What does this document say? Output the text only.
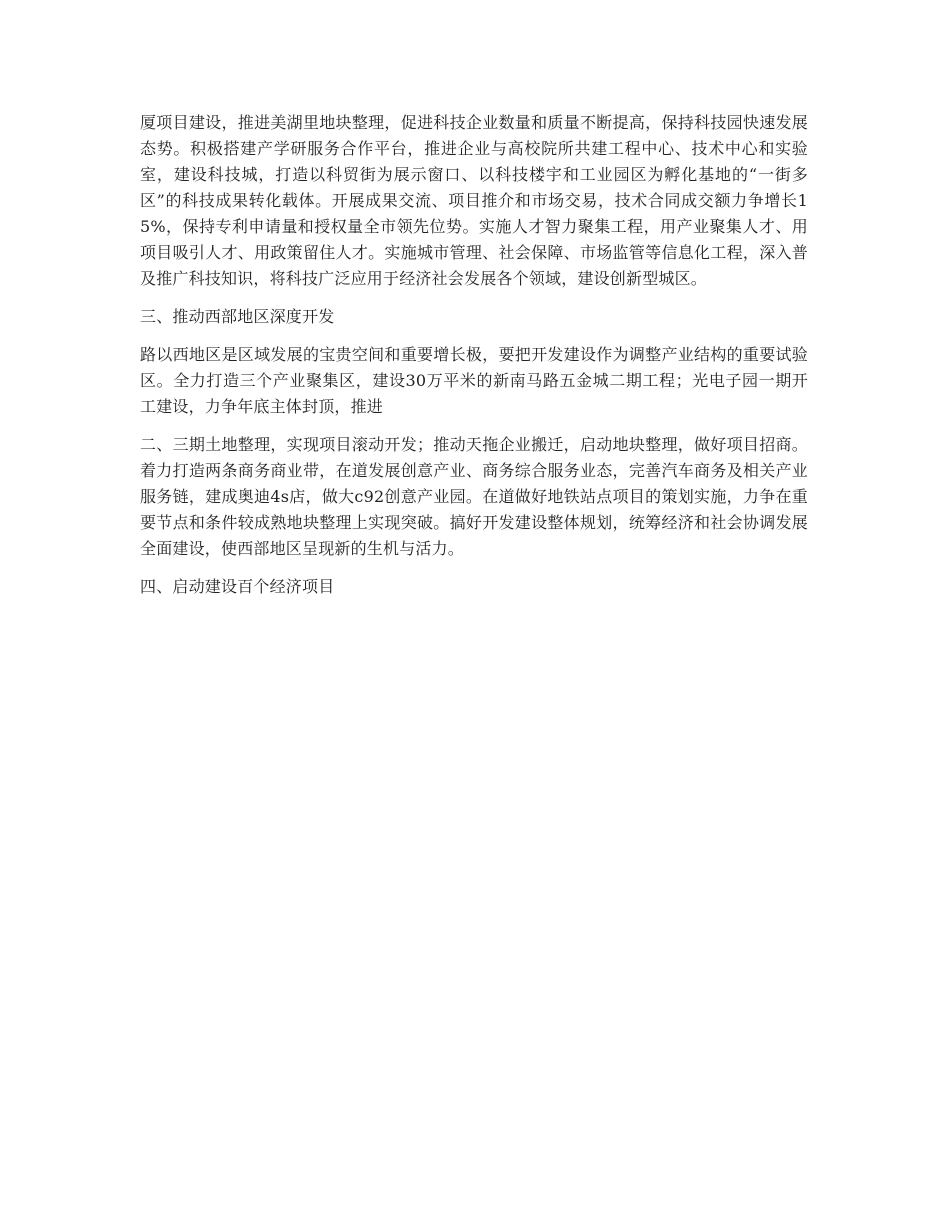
厦项目建设，推进美湖里地块整理，促进科技企业数量和质量不断提高，保持科技园快速发展态势。积极搭建产学研服务合作平台，推进企业与高校院所共建工程中心、技术中心和实验室，建设科技城，打造以科贸街为展示窗口、以科技楼宇和工业园区为孵化基地的“一街多区”的科技成果转化载体。开展成果交流、项目推介和市场交易，技术合同成交额力争增长15%，保持专利申请量和授权量全市领先位势。实施人才智力聚集工程，用产业聚集人才、用项目吸引人才、用政策留住人才。实施城市管理、社会保障、市场监管等信息化工程，深入普及推广科技知识，将科技广泛应用于经济社会发展各个领域，建设创新型城区。

三、推动西部地区深度开发

路以西地区是区域发展的宝贵空间和重要增长极，要把开发建设作为调整产业结构的重要试验区。全力打造三个产业聚集区，建设30万平米的新南马路五金城二期工程；光电子园一期开工建设，力争年底主体封顶，推进

二、三期土地整理，实现项目滚动开发；推动天拖企业搬迁，启动地块整理，做好项目招商。着力打造两条商务商业带，在道发展创意产业、商务综合服务业态，完善汽车商务及相关产业服务链，建成奥迪4s店，做大c92创意产业园。在道做好地铁站点项目的策划实施，力争在重要节点和条件较成熟地块整理上实现突破。搞好开发建设整体规划，统筹经济和社会协调发展全面建设，使西部地区呈现新的生机与活力。

四、启动建设百个经济项目
